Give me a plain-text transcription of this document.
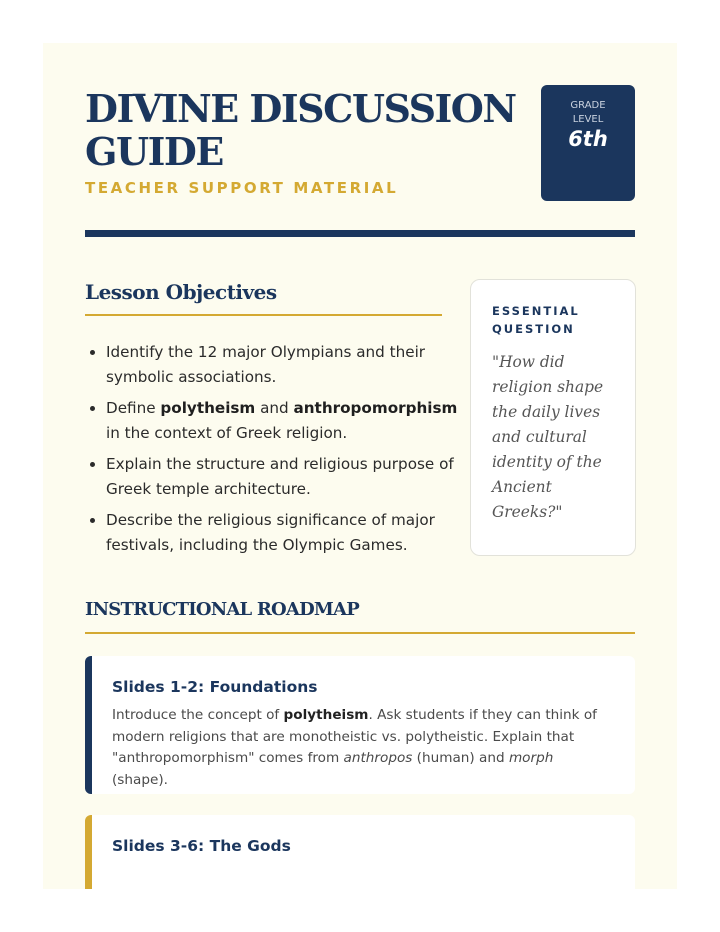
DIVINE DISCUSSION GUIDE
TEACHER SUPPORT MATERIAL
GRADE LEVEL
6th
Lesson Objectives
• Identify the 12 major Olympians and their symbolic associations.
• Define polytheism and anthropomorphism in the context of Greek religion.
• Explain the structure and religious purpose of Greek temple architecture.
• Describe the religious significance of major festivals, including the Olympic Games.
ESSENTIAL QUESTION
"How did religion shape the daily lives and cultural identity of the Ancient Greeks?"
INSTRUCTIONAL ROADMAP
Slides 1-2: Foundations
Introduce the concept of polytheism. Ask students if they can think of modern religions that are monotheistic vs. polytheistic. Explain that "anthropomorphism" comes from anthropos (human) and morph (shape).
Slides 3-6: The Gods
